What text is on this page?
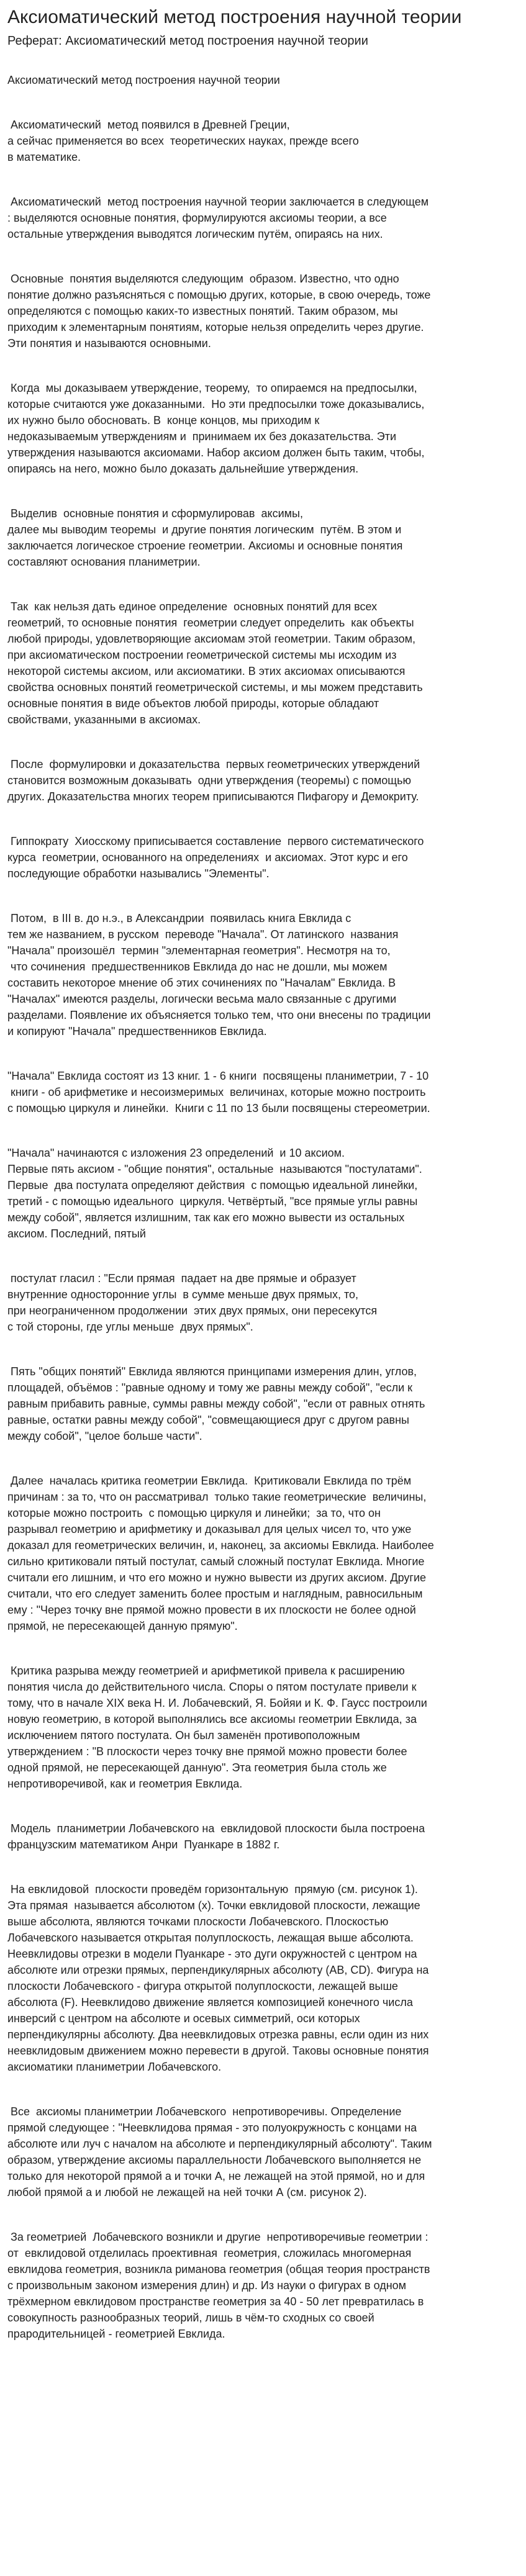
Аксиоматический метод построения научной теории
Реферат: Аксиоматический метод построения научной теории

Аксиоматический метод построения научной теории

Аксиоматический  метод появился в Древней Греции,

а сейчас применяется во всех  теоретических науках, прежде всего

в математике.

Аксиоматический  метод построения научной теории заключается в следующем

: выделяются основные понятия, формулируются аксиомы теории, а все

остальные утверждения выводятся логическим путём, опираясь на них.

Основные  понятия выделяются следующим  образом. Известно, что одно

понятие должно разъясняться с помощью других, которые, в свою очередь, тоже

определяются с помощью каких-то известных понятий. Таким образом, мы

приходим к элементарным понятиям, которые нельзя определить через другие.

Эти понятия и называются основными.

Когда  мы доказываем утверждение, теорему,  то опираемся на предпосылки,

которые считаются уже доказанными.  Но эти предпосылки тоже доказывались,

их нужно было обосновать. В  конце концов, мы приходим к

недоказываемым утверждениям и  принимаем их без доказательства. Эти

утверждения называются аксиомами. Набор аксиом должен быть таким, чтобы,

опираясь на него, можно было доказать дальнейшие утверждения.

Выделив  основные понятия и сформулировав  аксимы,

далее мы выводим теоремы  и другие понятия логическим  путём. В этом и

заключается логическое строение геометрии. Аксиомы и основные понятия

составляют основания планиметрии.

Так  как нельзя дать единое определение  основных понятий для всех

геометрий, то основные понятия  геометрии следует определить  как объекты

любой природы, удовлетворяющие аксиомам этой геометрии. Таким образом,

при аксиоматическом построении геометрической системы мы исходим из

некоторой системы аксиом, или аксиоматики. В этих аксиомах описываются

свойства основных понятий геометрической системы, и мы можем представить

основные понятия в виде объектов любой природы, которые обладают

свойствами, указанными в аксиомах.

После  формулировки и доказательства  первых геометрических утверждений

становится возможным доказывать  одни утверждения (теоремы) с помощью

других. Доказательства многих теорем приписываются Пифагору и Демокриту.

Гиппократу  Хиосскому приписывается составление  первого систематического

курса  геометрии, основанного на определениях  и аксиомах. Этот курс и его

последующие обработки назывались "Элементы".

Потом,  в III в. до н.э., в Александрии  появилась книга Евклида с

тем же названием, в русском  переводе "Начала". От латинского  названия

"Начала" произошёл  термин "элементарная геометрия". Несмотря на то,

что сочинения  предшественников Евклида до нас не дошли, мы можем

составить некоторое мнение об этих сочинениях по "Началам" Евклида. В

"Началах" имеются разделы, логически весьма мало связанные с другими

разделами. Появление их объясняется только тем, что они внесены по традиции

и копируют "Начала" предшественников Евклида.

"Начала" Евклида состоят из 13 книг. 1 - 6 книги  посвящены планиметрии, 7 - 10

книги - об арифметике и несоизмеримых  величинах, которые можно построить

с помощью циркуля и линейки.  Книги с 11 по 13 были посвящены стереометрии.

"Начала" начинаются с изложения 23 определений  и 10 аксиом.

Первые пять аксиом - "общие понятия", остальные  называются "постулатами".

Первые  два постулата определяют действия  с помощью идеальной линейки,

третий - с помощью идеального  циркуля. Четвёртый, "все прямые углы равны

между собой", является излишним, так как его можно вывести из остальных

аксиом. Последний, пятый

постулат гласил : "Если прямая  падает на две прямые и образует

внутренние односторонние углы  в сумме меньше двух прямых, то,

при неограниченном продолжении  этих двух прямых, они пересекутся

с той стороны, где углы меньше  двух прямых".

Пять "общих понятий" Евклида являются принципами измерения длин, углов,

площадей, объёмов : "равные одному и тому же равны между собой", "если к

равным прибавить равные, суммы равны между собой", "если от равных отнять

равные, остатки равны между собой", "совмещающиеся друг с другом равны

между собой", "целое больше части".

Далее  началась критика геометрии Евклида.  Критиковали Евклида по трём

причинам : за то, что он рассматривал  только такие геометрические  величины,

которые можно построить  с помощью циркуля и линейки;  за то, что он

разрывал геометрию и арифметику и доказывал для целых чисел то, что уже

доказал для геометрических величин, и, наконец, за аксиомы Евклида. Наиболее

сильно критиковали пятый постулат, самый сложный постулат Евклида. Многие

считали его лишним, и что его можно и нужно вывести из других аксиом. Другие

считали, что его следует заменить более простым и наглядным, равносильным

ему : "Через точку вне прямой можно провести в их плоскости не более одной

прямой, не пересекающей данную прямую".

Критика разрыва между геометрией и арифметикой привела к расширению

понятия числа до действительного числа. Споры о пятом постулате привели к

тому, что в начале XIX века Н. И. Лобачевский, Я. Бойяи и К. Ф. Гаусс построили

новую геометрию, в которой выполнялись все аксиомы геометрии Евклида, за

исключением пятого постулата. Он был заменён противоположным

утверждением : "В плоскости через точку вне прямой можно провести более

одной прямой, не пересекающей данную". Эта геометрия была столь же

непротиворечивой, как и геометрия Евклида.

Модель  планиметрии Лобачевского на  евклидовой плоскости была построена

французским математиком Анри  Пуанкаре в 1882 г.

На евклидовой  плоскости проведём горизонтальную  прямую (см. рисунок 1).

Эта прямая  называется абсолютом (х). Точки евклидовой плоскости, лежащие

выше абсолюта, являются точками плоскости Лобачевского. Плоскостью

Лобачевского называется открытая полуплоскость, лежащая выше абсолюта.

Неевклидовы отрезки в модели Пуанкаре - это дуги окружностей с центром на

абсолюте или отрезки прямых, перпендикулярных абсолюту (АВ, CD). Фигура на

плоскости Лобачевского - фигура открытой полуплоскости, лежащей выше

абсолюта (F). Неевклидово движение является композицией конечного числа

инверсий с центром на абсолюте и осевых симметрий, оси которых

перпендикулярны абсолюту. Два неевклидовых отрезка равны, если один из них

неевклидовым движением можно перевести в другой. Таковы основные понятия

аксиоматики планиметрии Лобачевского.

Все  аксиомы планиметрии Лобачевского  непротиворечивы. Определение

прямой следующее : "Неевклидова прямая - это полуокружность с концами на

абсолюте или луч с началом на абсолюте и перпендикулярный абсолюту". Таким

образом, утверждение аксиомы параллельности Лобачевского выполняется не

только для некоторой прямой а и точки А, не лежащей на этой прямой, но и для

любой прямой а и любой не лежащей на ней точки А (см. рисунок 2).

За геометрией  Лобачевского возникли и другие  непротиворечивые геометрии :

от  евклидовой отделилась проективная  геометрия, сложилась многомерная

евклидова геометрия, возникла риманова геометрия (общая теория пространств

с произвольным законом измерения длин) и др. Из науки о фигурах в одном

трёхмерном евклидовом пространстве геометрия за 40 - 50 лет превратилась в

совокупность разнообразных теорий, лишь в чём-то сходных со своей

прародительницей - геометрией Евклида.
